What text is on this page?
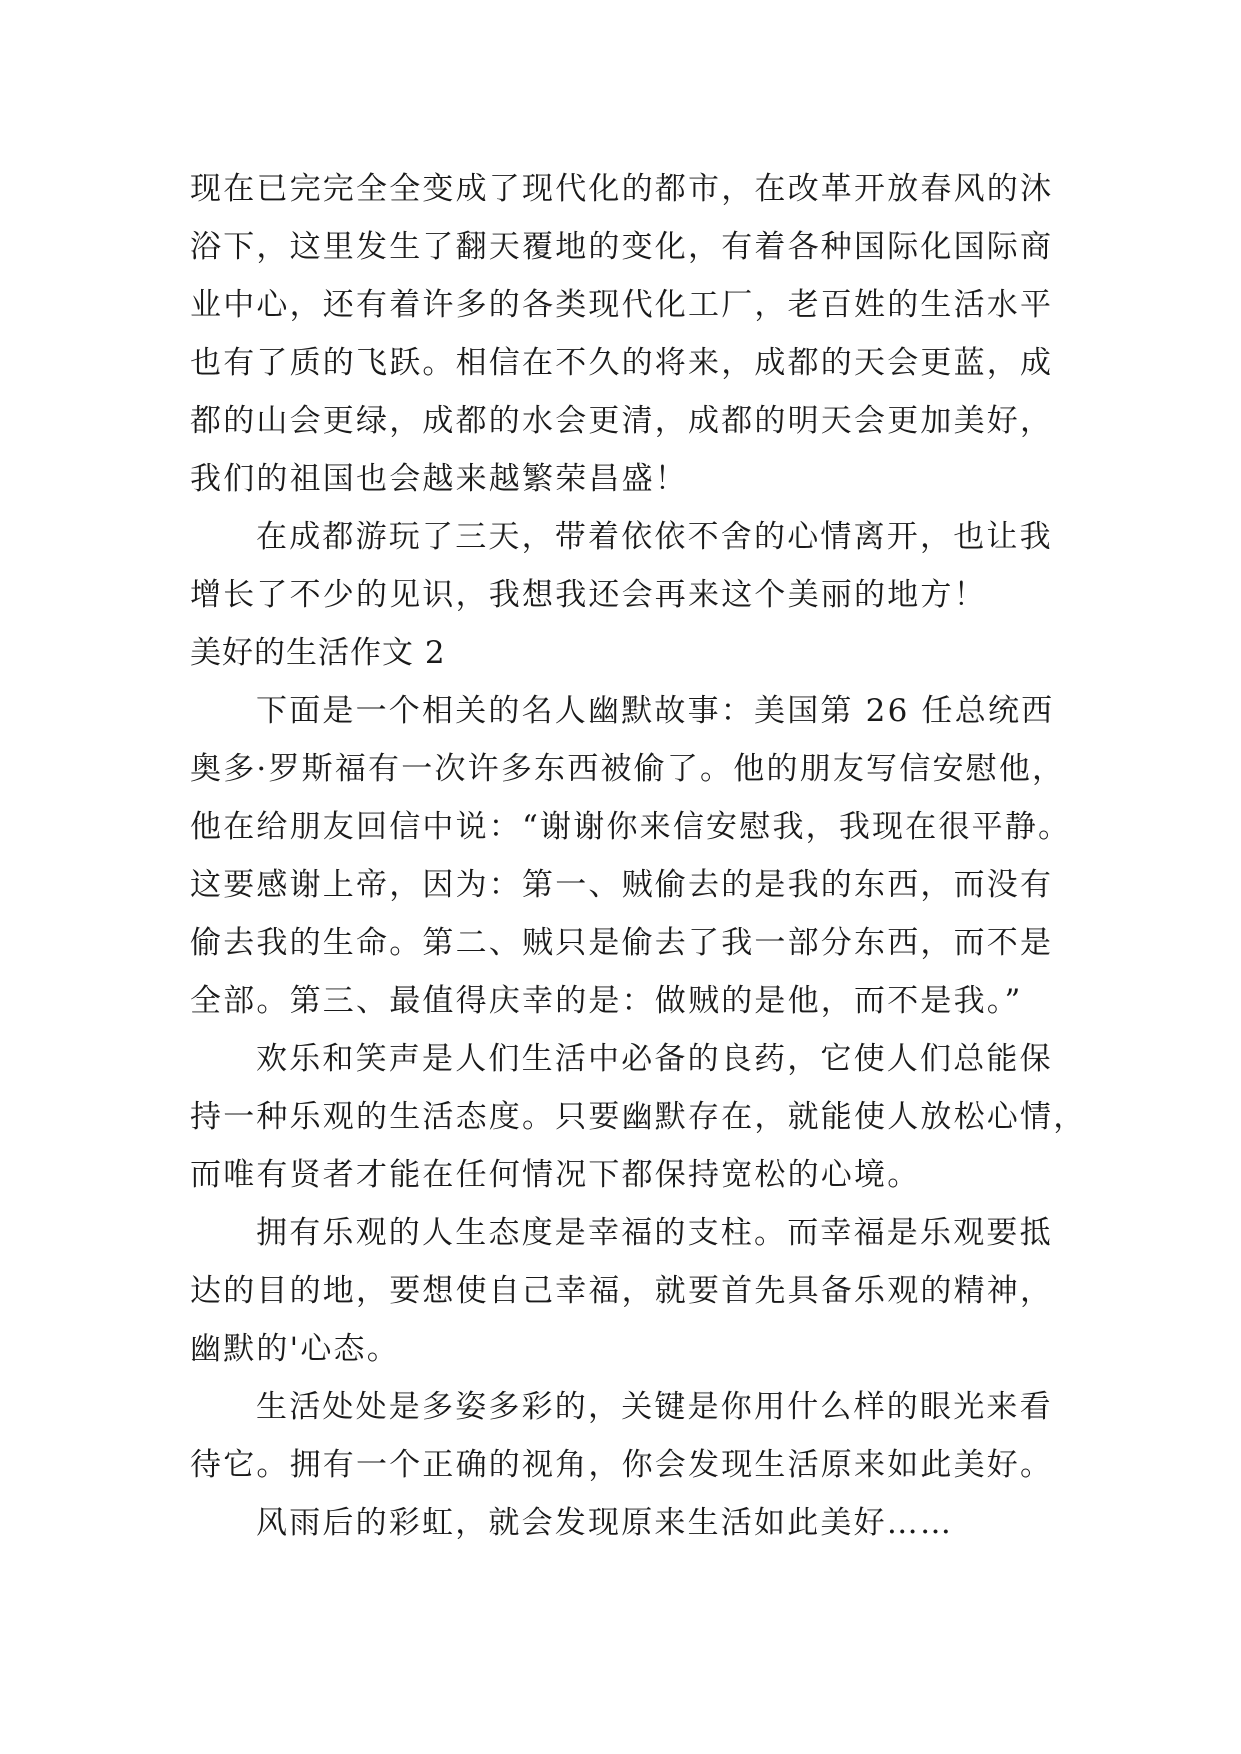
现在已完完全全变成了现代化的都市，在改革开放春风的沐
浴下，这里发生了翻天覆地的变化，有着各种国际化国际商
业中心，还有着许多的各类现代化工厂，老百姓的生活水平
也有了质的飞跃。相信在不久的将来，成都的天会更蓝，成
都的山会更绿，成都的水会更清，成都的明天会更加美好，
我们的祖国也会越来越繁荣昌盛！
在成都游玩了三天，带着依依不舍的心情离开，也让我
增长了不少的见识，我想我还会再来这个美丽的地方！
美好的生活作文 2
下面是一个相关的名人幽默故事：美国第 26 任总统西
奥多·罗斯福有一次许多东西被偷了。他的朋友写信安慰他，
他在给朋友回信中说：“谢谢你来信安慰我，我现在很平静。
这要感谢上帝，因为：第一、贼偷去的是我的东西，而没有
偷去我的生命。第二、贼只是偷去了我一部分东西，而不是
全部。第三、最值得庆幸的是：做贼的是他，而不是我。”
欢乐和笑声是人们生活中必备的良药，它使人们总能保
持一种乐观的生活态度。只要幽默存在，就能使人放松心情，
而唯有贤者才能在任何情况下都保持宽松的心境。
拥有乐观的人生态度是幸福的支柱。而幸福是乐观要抵
达的目的地，要想使自己幸福，就要首先具备乐观的精神，
幽默的'心态。
生活处处是多姿多彩的，关键是你用什么样的眼光来看
待它。拥有一个正确的视角，你会发现生活原来如此美好。
风雨后的彩虹，就会发现原来生活如此美好……
